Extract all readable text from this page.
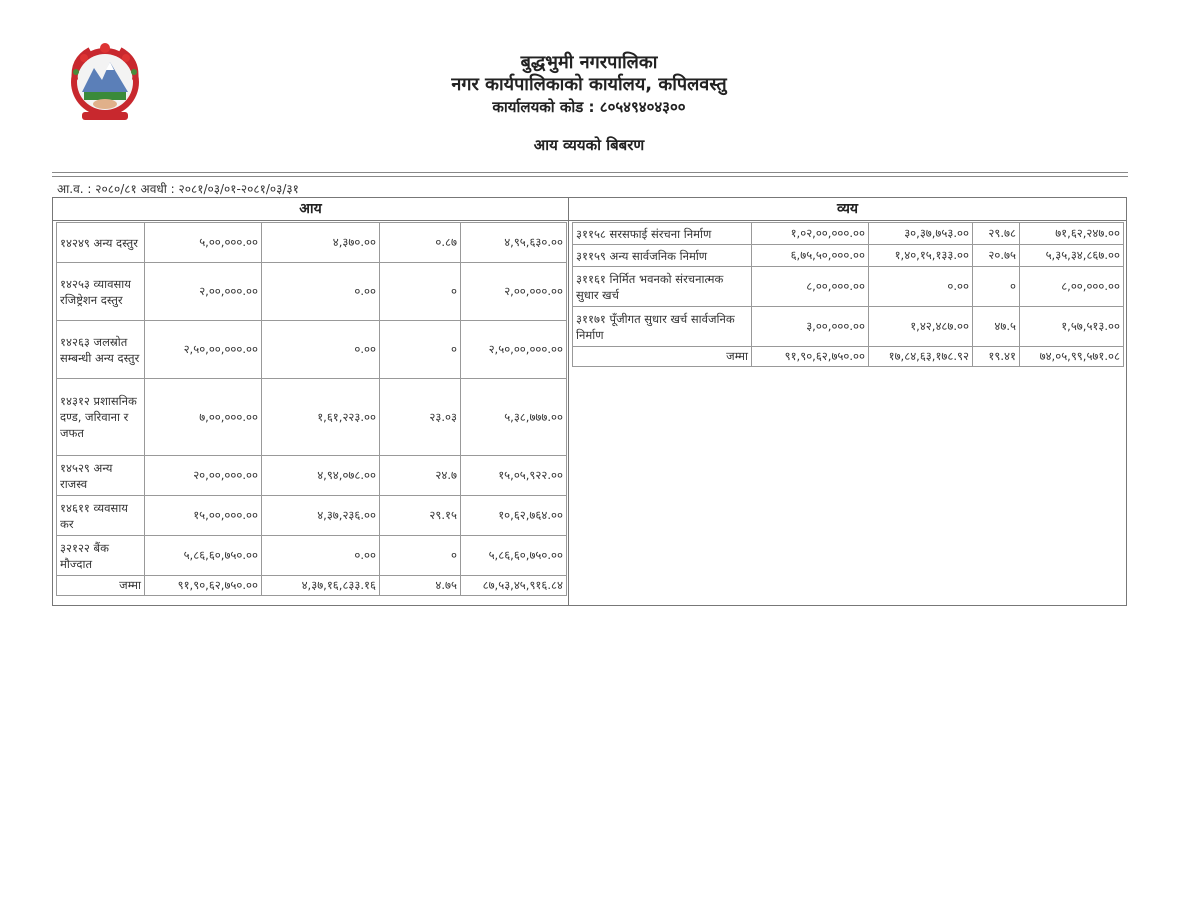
बुद्धभुमी नगरपालिका
नगर कार्यपालिकाको कार्यालय, कपिलवस्तु
कार्यालयको कोड : ८०५४९४०४३००
आय व्ययको बिबरण
आ.व. : २०८०/८१ अवधी : २०८१/०३/०१-२०८१/०३/३१
आय
१४२४९ अन्य दस्तुर	५,००,०००.००	४,३७०.००	०.८७	४,९५,६३०.००
१४२५३ व्यावसाय रजिष्ट्रेशन दस्तुर	२,००,०००.००	०.००	०	२,००,०००.००
१४२६३ जलस्रोत सम्बन्धी अन्य दस्तुर	२,५०,००,०००.००	०.००	०	२,५०,००,०००.००
१४३१२ प्रशासनिक दण्ड, जरिवाना र जफत	७,००,०००.००	१,६१,२२३.००	२३.०३	५,३८,७७७.००
१४५२९ अन्य राजस्व	२०,००,०००.००	४,९४,०७८.००	२४.७	१५,०५,९२२.००
१४६११ व्यवसाय कर	१५,००,०००.००	४,३७,२३६.००	२९.१५	१०,६२,७६४.००
३२१२२ बैंक मौज्दात	५,८६,६०,७५०.००	०.००	०	५,८६,६०,७५०.००
जम्मा	९१,९०,६२,७५०.००	४,३७,१६,८३३.१६	४.७५	८७,५३,४५,९१६.८४
व्यय
३११५८ सरसफाई संरचना निर्माण	१,०२,००,०००.००	३०,३७,७५३.००	२९.७८	७१,६२,२४७.००
३११५९ अन्य सार्वजनिक निर्माण	६,७५,५०,०००.००	१,४०,१५,१३३.००	२०.७५	५,३५,३४,८६७.००
३११६१ निर्मित भवनको संरचनात्मक सुधार खर्च	८,००,०००.००	०.००	०	८,००,०००.००
३११७१ पूँजीगत सुधार खर्च सार्वजनिक निर्माण	३,००,०००.००	१,४२,४८७.००	४७.५	१,५७,५१३.००
जम्मा	९१,९०,६२,७५०.००	१७,८४,६३,१७८.९२	१९.४१	७४,०५,९९,५७१.०८
